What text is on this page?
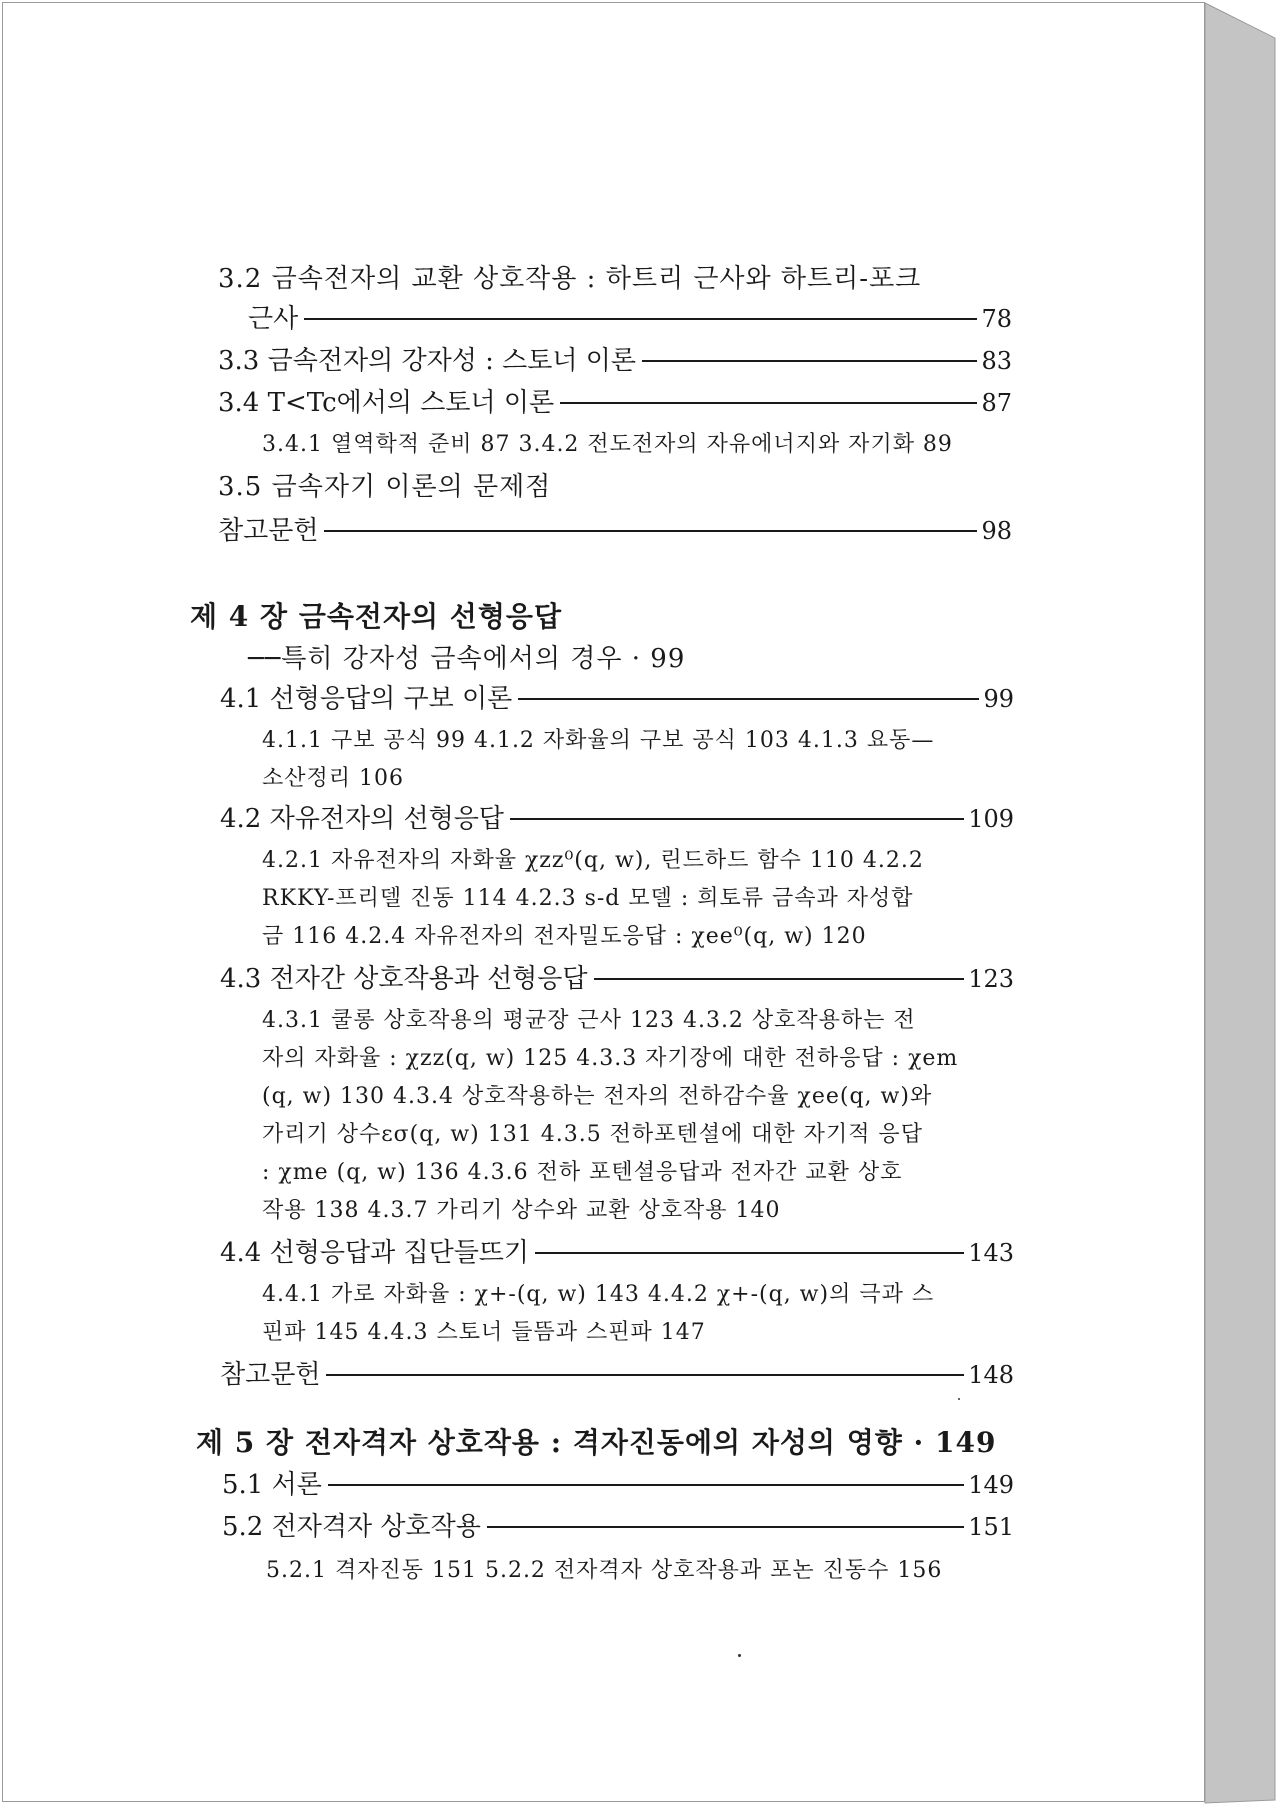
3.2 금속전자의 교환 상호작용 : 하트리 근사와 하트리-포크
근사	78
3.3 금속전자의 강자성 : 스토너 이론	83
3.4 T<Tc에서의 스토너 이론	87
3.4.1 열역학적 준비 87 3.4.2 전도전자의 자유에너지와 자기화 89
3.5 금속자기 이론의 문제점
참고문헌	98
제 4 장 금속전자의 선형응답
──특히 강자성 금속에서의 경우 · 99
4.1 선형응답의 구보 이론	99
4.1.1 구보 공식 99 4.1.2 자화율의 구보 공식 103 4.1.3 요동—
소산정리 106
4.2 자유전자의 선형응답	109
4.2.1 자유전자의 자화율 χzz⁰(q, w), 린드하드 함수 110 4.2.2
RKKY-프리델 진동 114 4.2.3 s-d 모델 : 희토류 금속과 자성합
금 116 4.2.4 자유전자의 전자밀도응답 : χee⁰(q, w) 120
4.3 전자간 상호작용과 선형응답	123
4.3.1 쿨롱 상호작용의 평균장 근사 123 4.3.2 상호작용하는 전
자의 자화율 : χzz(q, w) 125 4.3.3 자기장에 대한 전하응답 : χem
(q, w) 130 4.3.4 상호작용하는 전자의 전하감수율 χee(q, w)와
가리기 상수εσ(q, w) 131 4.3.5 전하포텐셜에 대한 자기적 응답
: χme (q, w) 136 4.3.6 전하 포텐셜응답과 전자간 교환 상호
작용 138 4.3.7 가리기 상수와 교환 상호작용 140
4.4 선형응답과 집단들뜨기	143
4.4.1 가로 자화율 : χ+-(q, w) 143 4.4.2 χ+-(q, w)의 극과 스
핀파 145 4.4.3 스토너 들뜸과 스핀파 147
참고문헌	148
제 5 장 전자격자 상호작용 : 격자진동에의 자성의 영향 · 149
5.1 서론	149
5.2 전자격자 상호작용	151
5.2.1 격자진동 151 5.2.2 전자격자 상호작용과 포논 진동수 156
